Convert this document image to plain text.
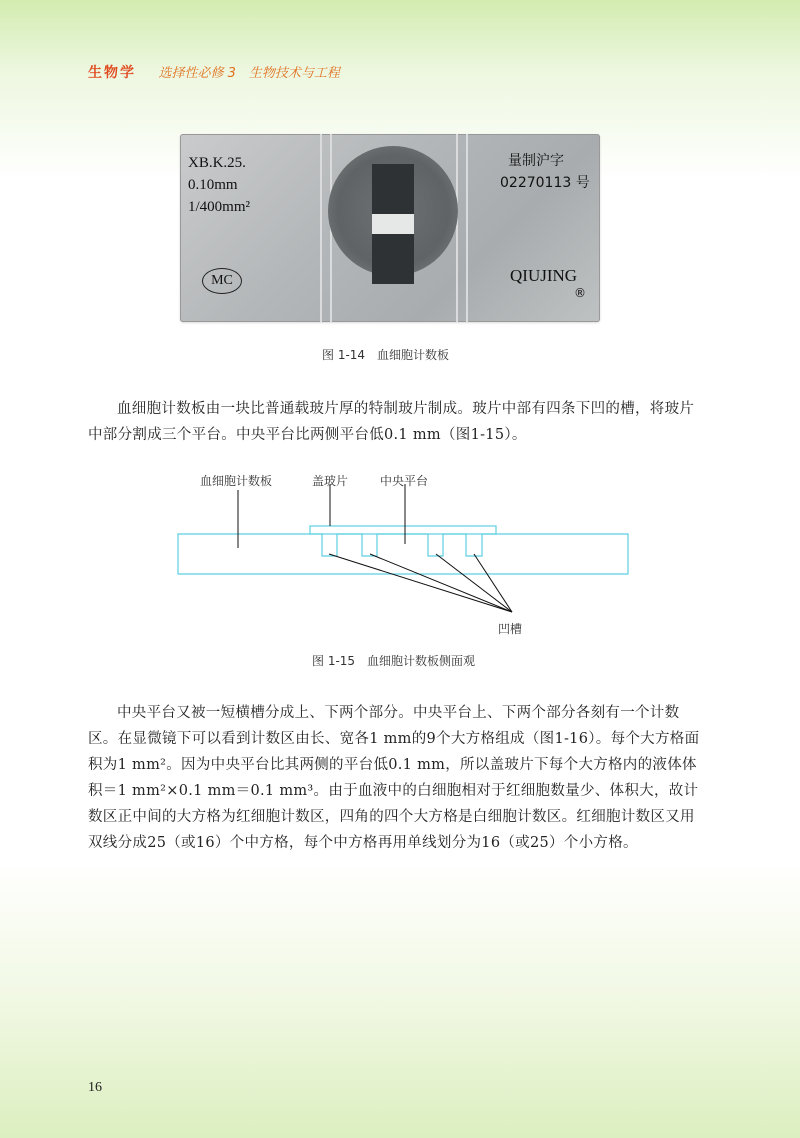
生物学 选择性必修 3　生物技术与工程
XB.K.25.
0.10mm
1/400mm²
量制沪字
02270113 号
MC	QIUJING
®
图 1-14　血细胞计数板

血细胞计数板由一块比普通载玻片厚的特制玻片制成。玻片中部有四条下凹的槽，将玻片中部分割成三个平台。中央平台比两侧平台低0.1 mm（图1-15）。

血细胞计数板	盖玻片	中央平台
凹槽
图 1-15　血细胞计数板侧面观

中央平台又被一短横槽分成上、下两个部分。中央平台上、下两个部分各刻有一个计数区。在显微镜下可以看到计数区由长、宽各1 mm的9个大方格组成（图1-16）。每个大方格面积为1 mm²。因为中央平台比其两侧的平台低0.1 mm，所以盖玻片下每个大方格内的液体体积＝1 mm²×0.1 mm＝0.1 mm³。由于血液中的白细胞相对于红细胞数量少、体积大，故计数区正中间的大方格为红细胞计数区，四角的四个大方格是白细胞计数区。红细胞计数区又用双线分成25（或16）个中方格，每个中方格再用单线划分为16（或25）个小方格。

16
